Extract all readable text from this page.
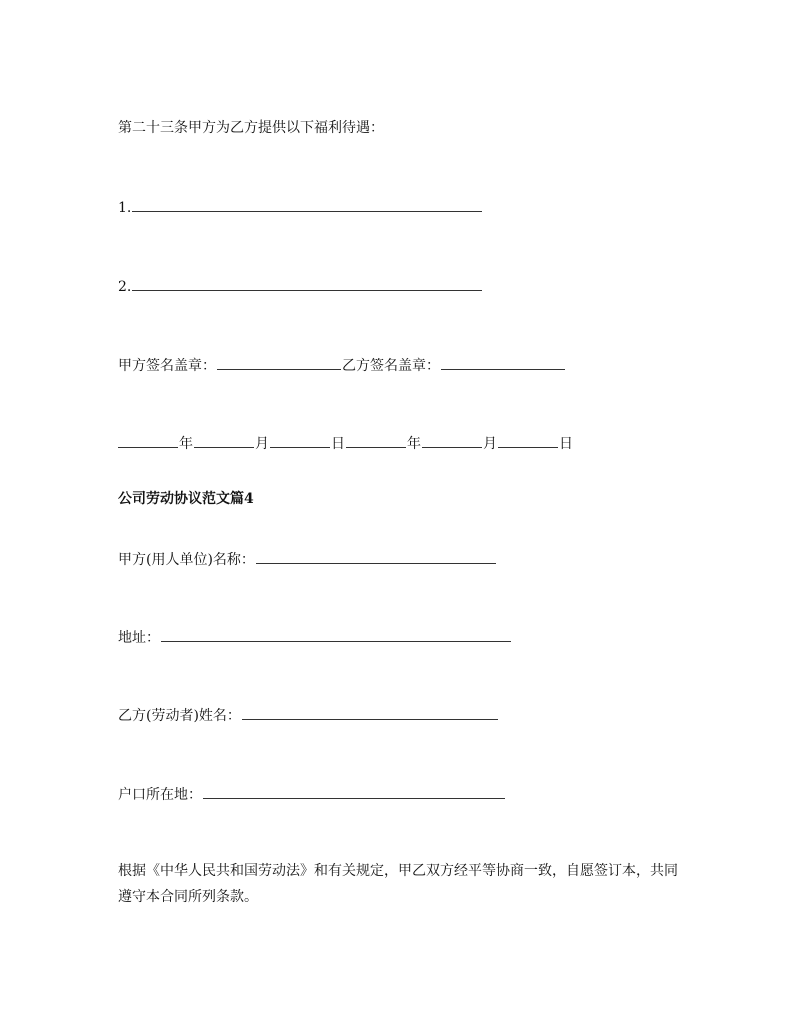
第二十三条甲方为乙方提供以下福利待遇：
1.
2.
甲方签名盖章：	乙方签名盖章：
年	月	日	年	月	日
公司劳动协议范文篇4
甲方(用人单位)名称：
地址：
乙方(劳动者)姓名：
户口所在地：
根据《中华人民共和国劳动法》和有关规定，甲乙双方经平等协商一致，自愿签订本，共同遵守本合同所列条款。
